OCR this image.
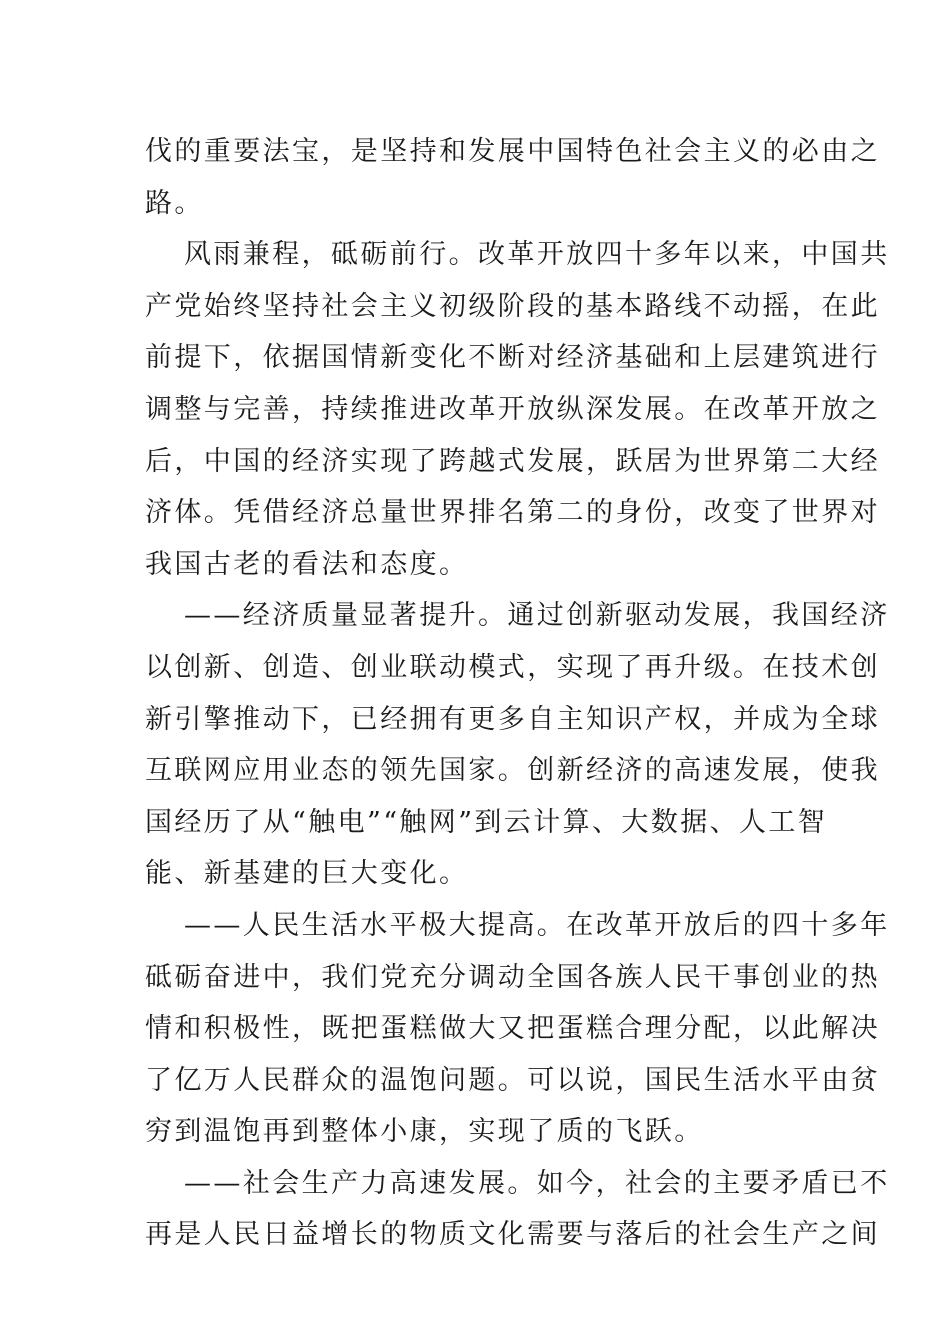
伐的重要法宝，是坚持和发展中国特色社会主义的必由之
路。
风雨兼程，砥砺前行。改革开放四十多年以来，中国共
产党始终坚持社会主义初级阶段的基本路线不动摇，在此
前提下，依据国情新变化不断对经济基础和上层建筑进行
调整与完善，持续推进改革开放纵深发展。在改革开放之
后，中国的经济实现了跨越式发展，跃居为世界第二大经
济体。凭借经济总量世界排名第二的身份，改变了世界对
我国古老的看法和态度。
——经济质量显著提升。通过创新驱动发展，我国经济
以创新、创造、创业联动模式，实现了再升级。在技术创
新引擎推动下，已经拥有更多自主知识产权，并成为全球
互联网应用业态的领先国家。创新经济的高速发展，使我
国经历了从“触电”“触网”到云计算、大数据、人工智
能、新基建的巨大变化。
——人民生活水平极大提高。在改革开放后的四十多年
砥砺奋进中，我们党充分调动全国各族人民干事创业的热
情和积极性，既把蛋糕做大又把蛋糕合理分配，以此解决
了亿万人民群众的温饱问题。可以说，国民生活水平由贫
穷到温饱再到整体小康，实现了质的飞跃。
——社会生产力高速发展。如今，社会的主要矛盾已不
再是人民日益增长的物质文化需要与落后的社会生产之间
